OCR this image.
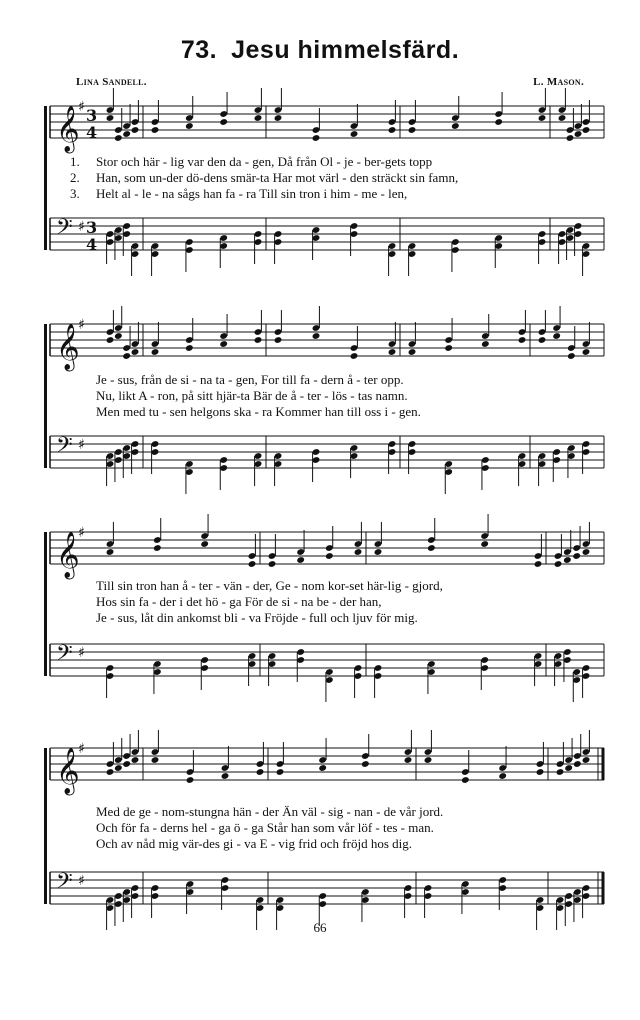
73. Jesu himmelsfärd.
Lina Sandell.	L. Mason.
𝄞
♯ 3
4
1. Stor och här - lig var den da - gen, Då från Ol - je - ber-gets topp
2. Han, som un-der dö-dens smär-ta Har mot värl - den sträckt sin famn,
3. Helt al - le - na sågs han fa - ra Till sin tron i him - me - len,
𝄢 ♯ 3
4
𝄞
♯
Je - sus, från de si - na ta - gen, For till fa - dern å - ter opp.
Nu, likt A - ron, på sitt hjär-ta Bär de å - ter - lös - tas namn.
Men med tu - sen helgons ska - ra Kommer han till oss i - gen.
𝄢 ♯
𝄞
♯
Till sin tron han å - ter - vän - der, Ge - nom kor-set här-lig - gjord,
Hos sin fa - der i det hö - ga För de si - na be - der han,
Je - sus, låt din ankomst bli - va Fröjde - full och ljuv för mig.
𝄢 ♯
𝄞
♯
Med de ge - nom-stungna hän - der Än väl - sig - nan - de vår jord.
Och för fa - derns hel - ga ö - ga Står han som vår löf - tes - man.
Och av nåd mig vär-des gi - va E - vig frid och fröjd hos dig.
𝄢 ♯
66
